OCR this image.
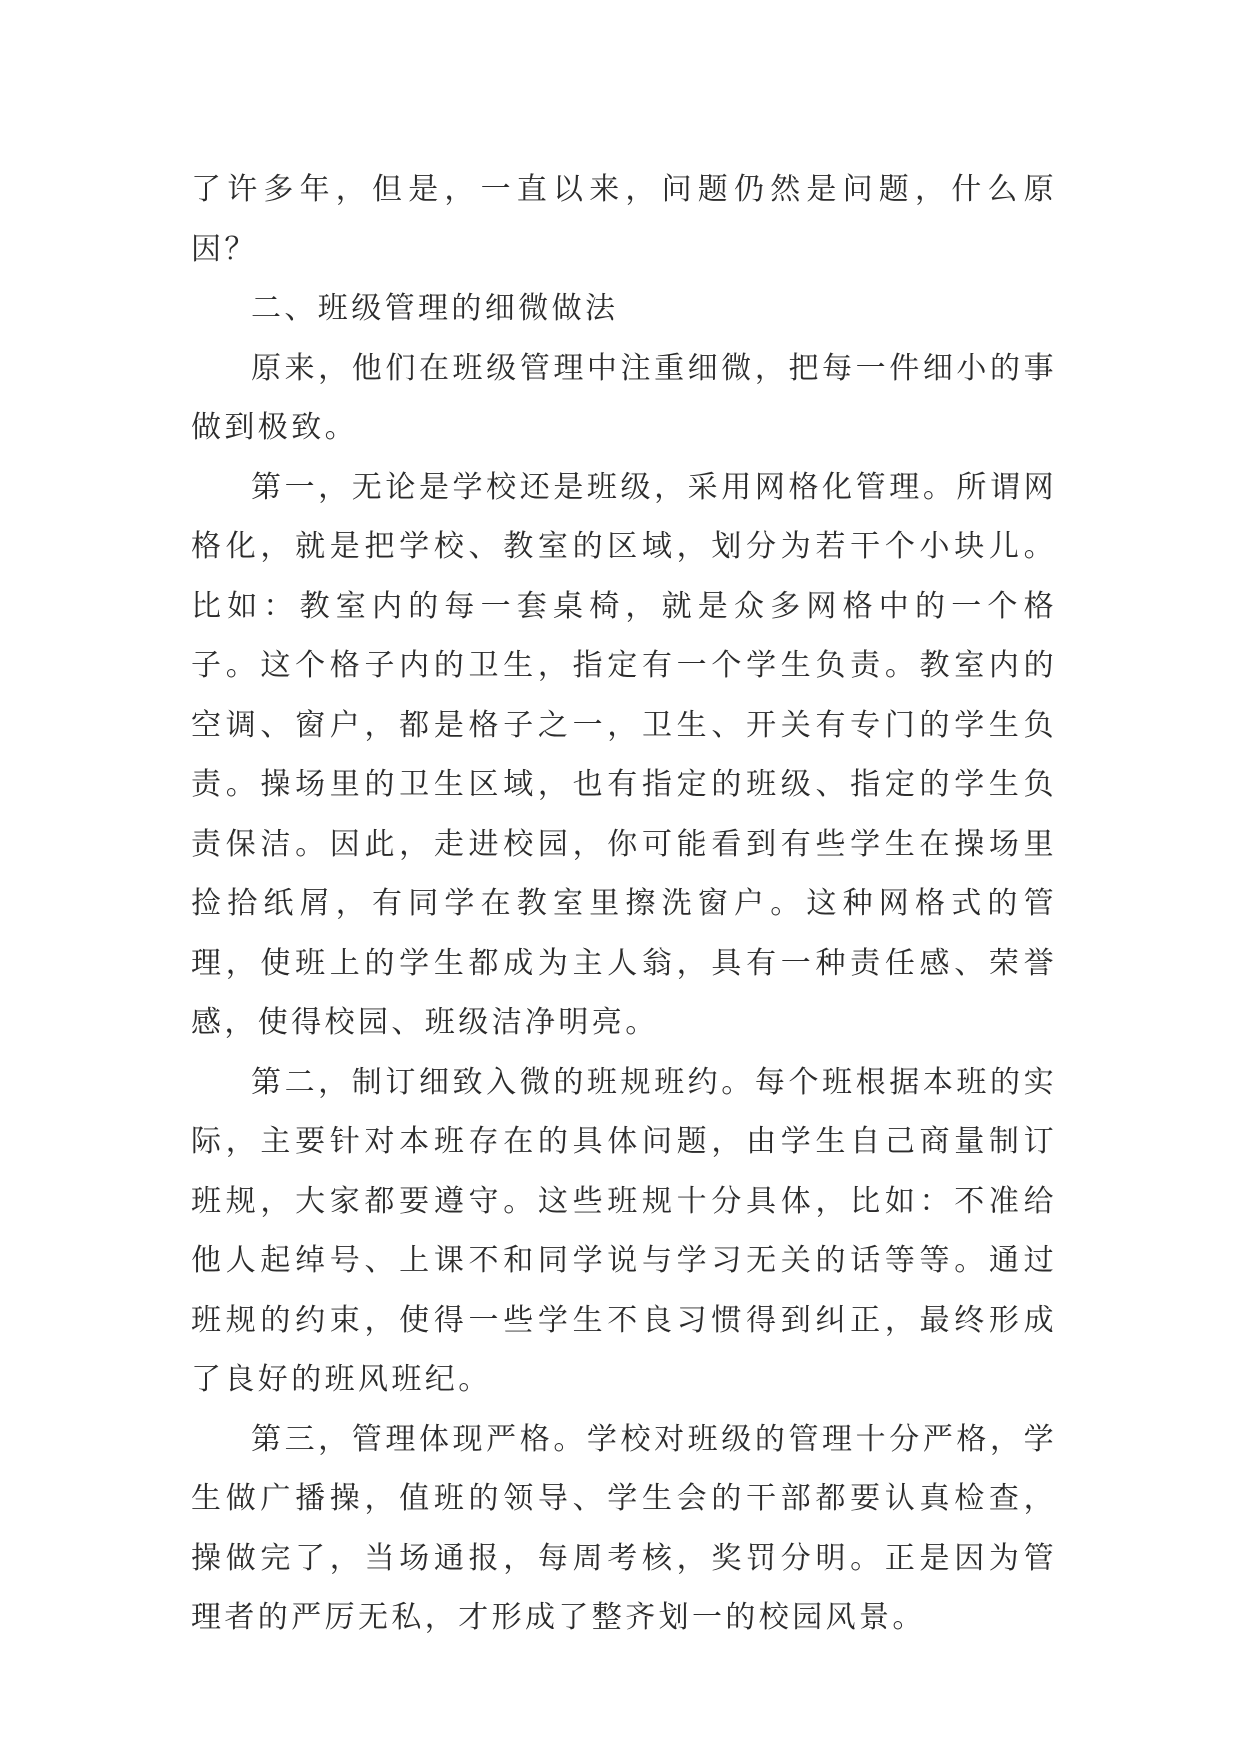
了许多年，但是，一直以来，问题仍然是问题，什么原因？

二、班级管理的细微做法

原来，他们在班级管理中注重细微，把每一件细小的事做到极致。

第一，无论是学校还是班级，采用网格化管理。所谓网格化，就是把学校、教室的区域，划分为若干个小块儿。比如：教室内的每一套桌椅，就是众多网格中的一个格子。这个格子内的卫生，指定有一个学生负责。教室内的空调、窗户，都是格子之一，卫生、开关有专门的学生负责。操场里的卫生区域，也有指定的班级、指定的学生负责保洁。因此，走进校园，你可能看到有些学生在操场里捡拾纸屑，有同学在教室里擦洗窗户。这种网格式的管理，使班上的学生都成为主人翁，具有一种责任感、荣誉感，使得校园、班级洁净明亮。

第二，制订细致入微的班规班约。每个班根据本班的实际，主要针对本班存在的具体问题，由学生自己商量制订班规，大家都要遵守。这些班规十分具体，比如：不准给他人起绰号、上课不和同学说与学习无关的话等等。通过班规的约束，使得一些学生不良习惯得到纠正，最终形成了良好的班风班纪。

第三，管理体现严格。学校对班级的管理十分严格，学生做广播操，值班的领导、学生会的干部都要认真检查，操做完了，当场通报，每周考核，奖罚分明。正是因为管理者的严厉无私，才形成了整齐划一的校园风景。
